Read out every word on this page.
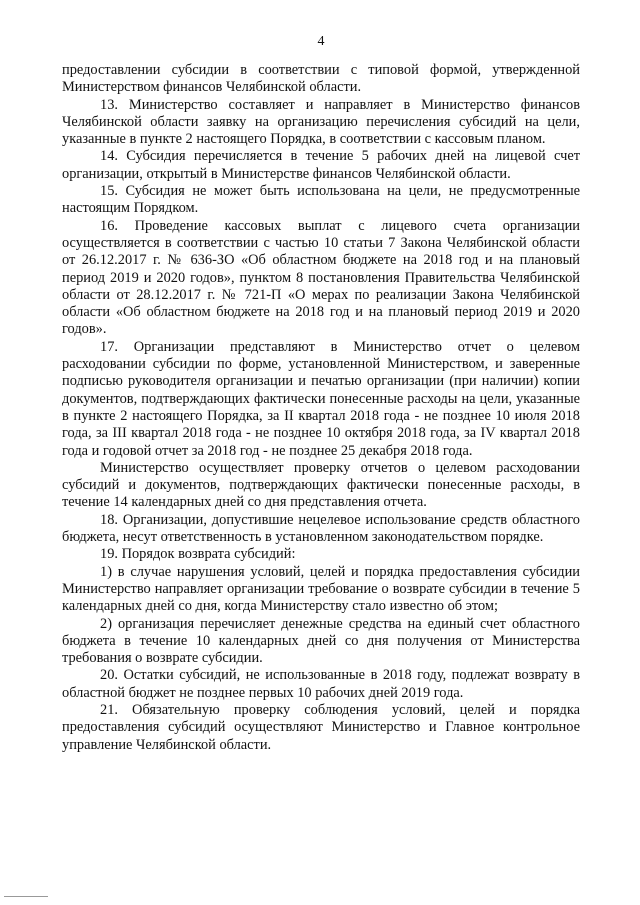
4

предоставлении субсидии в соответствии с типовой формой, утвержденной Министерством финансов Челябинской области.

13. Министерство составляет и направляет в Министерство финансов Челябинской области заявку на организацию перечисления субсидий на цели, указанные в пункте 2 настоящего Порядка, в соответствии с кассовым планом.

14. Субсидия перечисляется в течение 5 рабочих дней на лицевой счет организации, открытый в Министерстве финансов Челябинской области.

15. Субсидия не может быть использована на цели, не предусмотренные настоящим Порядком.

16. Проведение кассовых выплат с лицевого счета организации осуществляется в соответствии с частью 10 статьи 7 Закона Челябинской области от 26.12.2017 г. № 636-ЗО «Об областном бюджете на 2018 год и на плановый период 2019 и 2020 годов», пунктом 8 постановления Правительства Челябинской области от 28.12.2017 г. № 721-П «О мерах по реализации Закона Челябинской области «Об областном бюджете на 2018 год и на плановый период 2019 и 2020 годов».

17. Организации представляют в Министерство отчет о целевом расходовании субсидии по форме, установленной Министерством, и заверенные подписью руководителя организации и печатью организации (при наличии) копии документов, подтверждающих фактически понесенные расходы на цели, указанные в пункте 2 настоящего Порядка, за II квартал 2018 года - не позднее 10 июля 2018 года, за III квартал 2018 года - не позднее 10 октября 2018 года, за IV квартал 2018 года и годовой отчет за 2018 год - не позднее 25 декабря 2018 года.

Министерство осуществляет проверку отчетов о целевом расходовании субсидий и документов, подтверждающих фактически понесенные расходы, в течение 14 календарных дней со дня представления отчета.

18. Организации, допустившие нецелевое использование средств областного бюджета, несут ответственность в установленном законодательством порядке.

19. Порядок возврата субсидий:

1) в случае нарушения условий, целей и порядка предоставления субсидии Министерство направляет организации требование о возврате субсидии в течение 5 календарных дней со дня, когда Министерству стало известно об этом;

2) организация перечисляет денежные средства на единый счет областного бюджета в течение 10 календарных дней со дня получения от Министерства требования о возврате субсидии.

20. Остатки субсидий, не использованные в 2018 году, подлежат возврату в областной бюджет не позднее первых 10 рабочих дней 2019 года.

21. Обязательную проверку соблюдения условий, целей и порядка предоставления субсидий осуществляют Министерство и Главное контрольное управление Челябинской области.
